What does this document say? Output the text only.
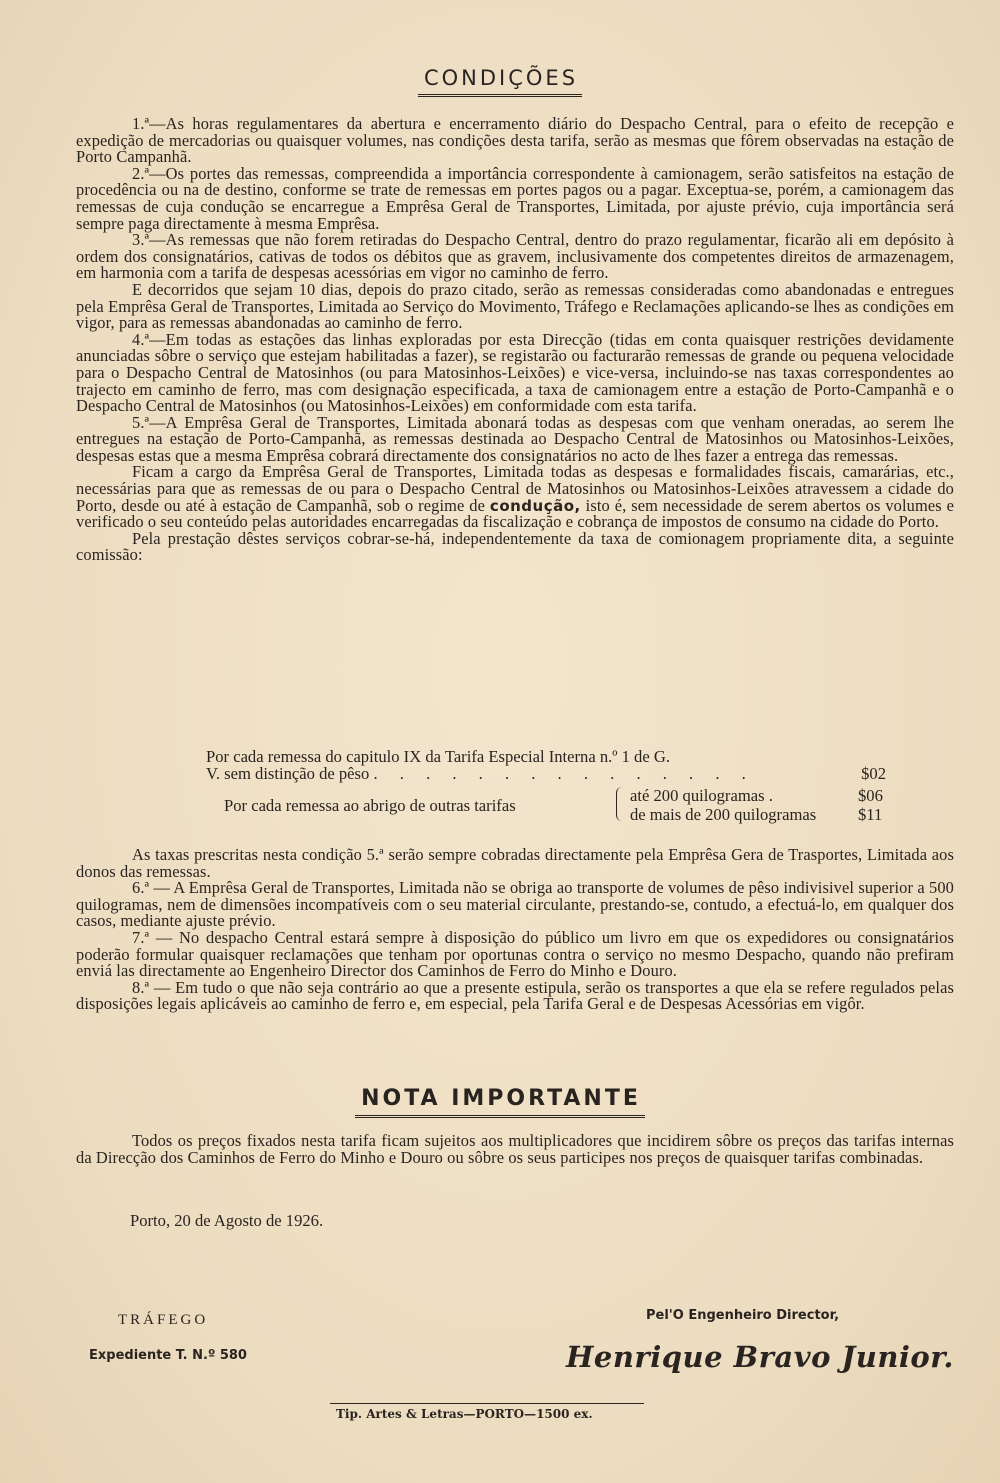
CONDIÇÕES

1.ª—As horas regulamentares da abertura e encerramento diário do Despacho Central, para o efeito de recepção e expedição de mercadorias ou quaisquer volumes, nas condições desta tarifa, serão as mesmas que fôrem observadas na estação de Porto Campanhã.

2.ª—Os portes das remessas, compreendida a importância correspondente à camionagem, serão satisfeitos na estação de procedência ou na de destino, conforme se trate de remessas em portes pagos ou a pagar. Exceptua-se, porém, a camionagem das remessas de cuja condução se encarregue a Emprêsa Geral de Transportes, Limitada, por ajuste prévio, cuja importância será sempre paga directamente à mesma Emprêsa.

3.ª—As remessas que não forem retiradas do Despacho Central, dentro do prazo regulamentar, ficarão ali em depósito à ordem dos consignatários, cativas de todos os débitos que as gravem, inclusivamente dos competentes direitos de armazenagem, em harmonia com a tarifa de despesas acessórias em vigor no caminho de ferro.

E decorridos que sejam 10 dias, depois do prazo citado, serão as remessas consideradas como abandonadas e entregues pela Emprêsa Geral de Transportes, Limitada ao Serviço do Movimento, Tráfego e Reclamações aplicando-se lhes as condições em vigor, para as remessas abandonadas ao caminho de ferro.

4.ª—Em todas as estações das linhas exploradas por esta Direcção (tidas em conta quaisquer restrições devidamente anunciadas sôbre o serviço que estejam habilitadas a fazer), se registarão ou facturarão remessas de grande ou pequena velocidade para o Despacho Central de Matosinhos (ou para Matosinhos-Leixões) e vice-versa, incluindo-se nas taxas correspondentes ao trajecto em caminho de ferro, mas com designação especificada, a taxa de camionagem entre a estação de Porto-Campanhã e o Despacho Central de Matosinhos (ou Matosinhos-Leixões) em conformidade com esta tarifa.

5.ª—A Emprêsa Geral de Transportes, Limitada abonará todas as despesas com que venham oneradas, ao serem lhe entregues na estação de Porto-Campanhã, as remessas destinada ao Despacho Central de Matosinhos ou Matosinhos-Leixões, despesas estas que a mesma Emprêsa cobrará directamente dos consignatários no acto de lhes fazer a entrega das remessas.

Ficam a cargo da Emprêsa Geral de Transportes, Limitada todas as despesas e formalidades fiscais, camarárias, etc., necessárias para que as remessas de ou para o Despacho Central de Matosinhos ou Matosinhos-Leixões atravessem a cidade do Porto, desde ou até à estação de Campanhã, sob o regime de condução, isto é, sem necessidade de serem abertos os volumes e verificado o seu conteúdo pelas autoridades encarregadas da fiscalização e cobrança de impostos de consumo na cidade do Porto.

Pela prestação dêstes serviços cobrar-se-há, independentemente da taxa de comionagem propriamente dita, a seguinte comissão:

Por cada remessa do capitulo IX da Tarifa Especial Interna n.º 1 de G.
V. sem distinção de pêso . . . . . . . . . . . . . . .	$02
Por cada remessa ao abrigo de outras tarifas
até 200 quilogramas .	$06
de mais de 200 quilogramas	$11

As taxas prescritas nesta condição 5.ª serão sempre cobradas directamente pela Emprêsa Gera de Trasportes, Limitada aos donos das remessas.

6.ª — A Emprêsa Geral de Transportes, Limitada não se obriga ao transporte de volumes de pêso indivisivel superior a 500 quilogramas, nem de dimensões incompatíveis com o seu material circulante, prestando-se, contudo, a efectuá-lo, em qualquer dos casos, mediante ajuste prévio.

7.ª — No despacho Central estará sempre à disposição do público um livro em que os expedidores ou consignatários poderão formular quaisquer reclamações que tenham por oportunas contra o serviço no mesmo Despacho, quando não prefiram enviá las directamente ao Engenheiro Director dos Caminhos de Ferro do Minho e Douro.

8.ª — Em tudo o que não seja contrário ao que a presente estipula, serão os transportes a que ela se refere regulados pelas disposições legais aplicáveis ao caminho de ferro e, em especial, pela Tarifa Geral e de Despesas Acessórias em vigôr.

NOTA IMPORTANTE

Todos os preços fixados nesta tarifa ficam sujeitos aos multiplicadores que incidirem sôbre os preços das tarifas internas da Direcção dos Caminhos de Ferro do Minho e Douro ou sôbre os seus participes nos preços de quaisquer tarifas combinadas.

Porto, 20 de Agosto de 1926.
TRÁFEGO
Expediente T. N.º 580
Pel'O Engenheiro Director,
Henrique Bravo Junior.
Tip. Artes & Letras—PORTO—1500 ex.
